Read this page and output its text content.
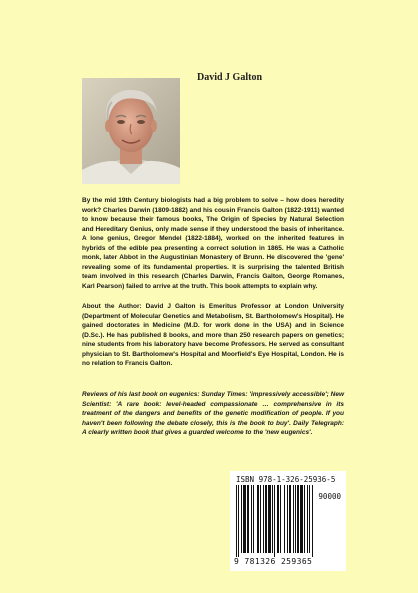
David J Galton

By the mid 19th Century biologists had a big problem to solve – how does heredity work? Charles Darwin (1809-1882) and his cousin Francis Galton (1822-1911) wanted to know because their famous books, The Origin of Species by Natural Selection and Hereditary Genius, only made sense if they understood the basis of inheritance. A lone genius, Gregor Mendel (1822-1884), worked on the inherited features in hybrids of the edible pea presenting a correct solution in 1865. He was a Catholic monk, later Abbot in the Augustinian Monastery of Brunn. He discovered the 'gene' revealing some of its fundamental properties. It is surprising the talented British team involved in this research (Charles Darwin, Francis Galton, George Romanes, Karl Pearson) failed to arrive at the truth. This book attempts to explain why.

About the Author: David J Galton is Emeritus Professor at London University (Department of Molecular Genetics and Metabolism, St. Bartholomew's Hospital). He gained doctorates in Medicine (M.D. for work done in the USA) and in Science (D.Sc.). He has published 8 books, and more than 250 research papers on genetics; nine students from his laboratory have become Professors. He served as consultant physician to St. Bartholomew's Hospital and Moorfield's Eye Hospital, London. He is no relation to Francis Galton.

Reviews of his last book on eugenics: Sunday Times: 'impressively accessible'; New Scientist: 'A rare book: level-headed compassionate … comprehensive in its treatment of the dangers and benefits of the genetic modification of people. If you haven't been following the debate closely, this is the book to buy'. Daily Telegraph: A clearly written book that gives a guarded welcome to the 'new eugenics'.

ISBN 978-1-326-25936-5
90000
9 781326 259365
